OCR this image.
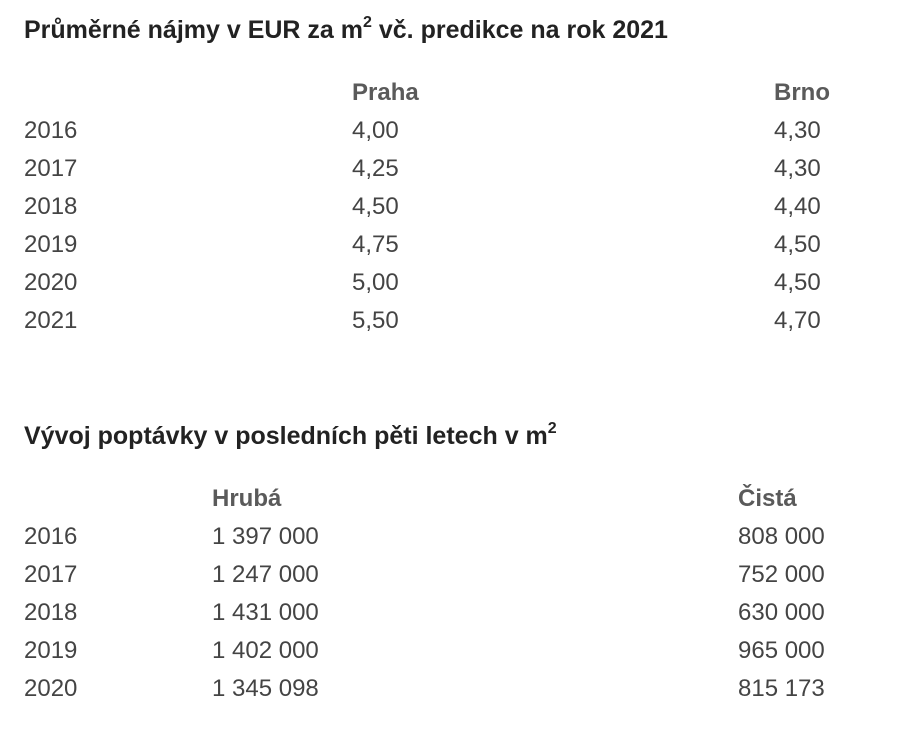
Průměrné nájmy v EUR za $m^2$ vč. predikce na rok 2021
	Praha	Brno
2016	4,00	4,30
2017	4,25	4,30
2018	4,50	4,40
2019	4,75	4,50
2020	5,00	4,50
2021	5,50	4,70
Vývoj poptávky v posledních pěti letech v $m^2$
	Hrubá	Čistá
2016	1 397 000	808 000
2017	1 247 000	752 000
2018	1 431 000	630 000
2019	1 402 000	965 000
2020	1 345 098	815 173
